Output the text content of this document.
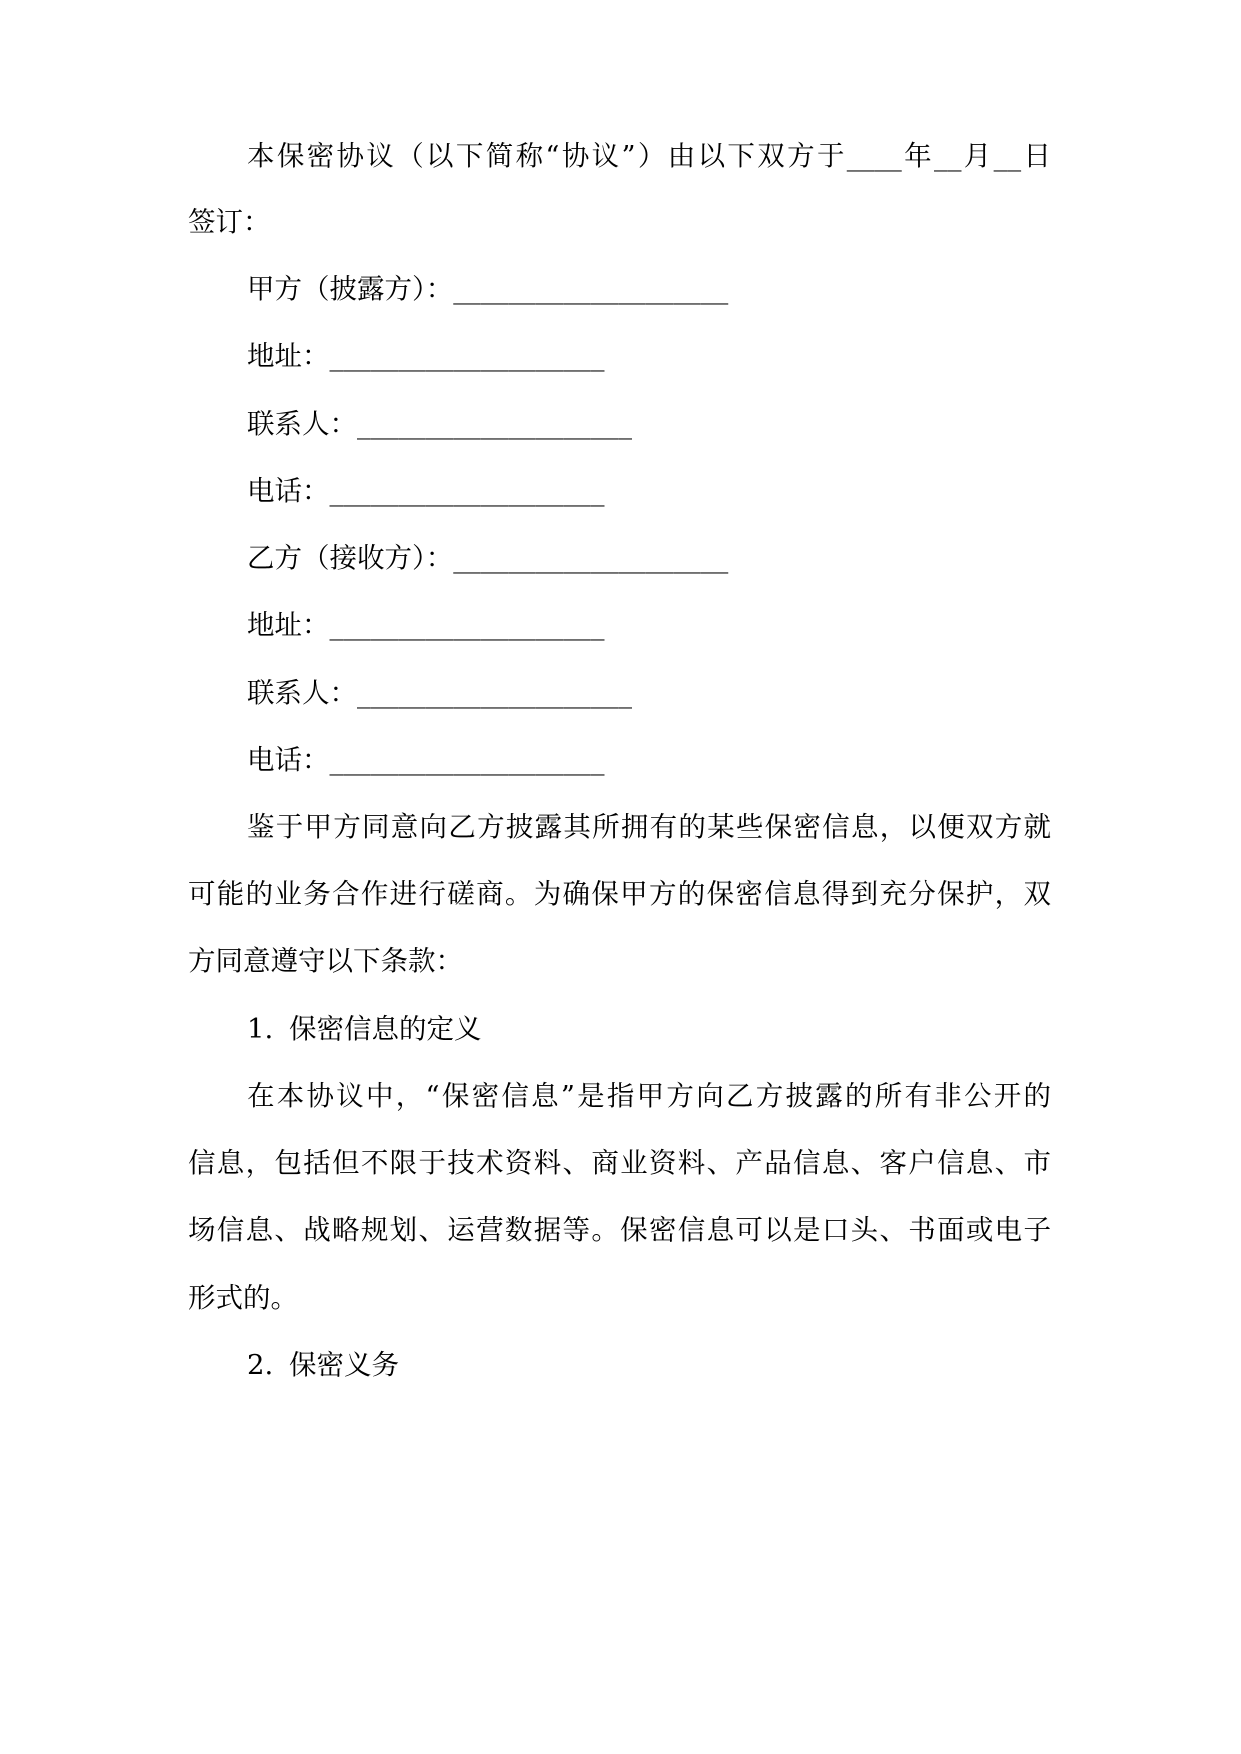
本保密协议（以下简称“协议”）由以下双方于____年__月__日
签订：
甲方（披露方）：____________________
地址：____________________
联系人：____________________
电话：____________________
乙方（接收方）：____________________
地址：____________________
联系人：____________________
电话：____________________
鉴于甲方同意向乙方披露其所拥有的某些保密信息，以便双方就
可能的业务合作进行磋商。为确保甲方的保密信息得到充分保护，双
方同意遵守以下条款：
1. 保密信息的定义
在本协议中，“保密信息”是指甲方向乙方披露的所有非公开的
信息，包括但不限于技术资料、商业资料、产品信息、客户信息、市
场信息、战略规划、运营数据等。保密信息可以是口头、书面或电子
形式的。
2. 保密义务
